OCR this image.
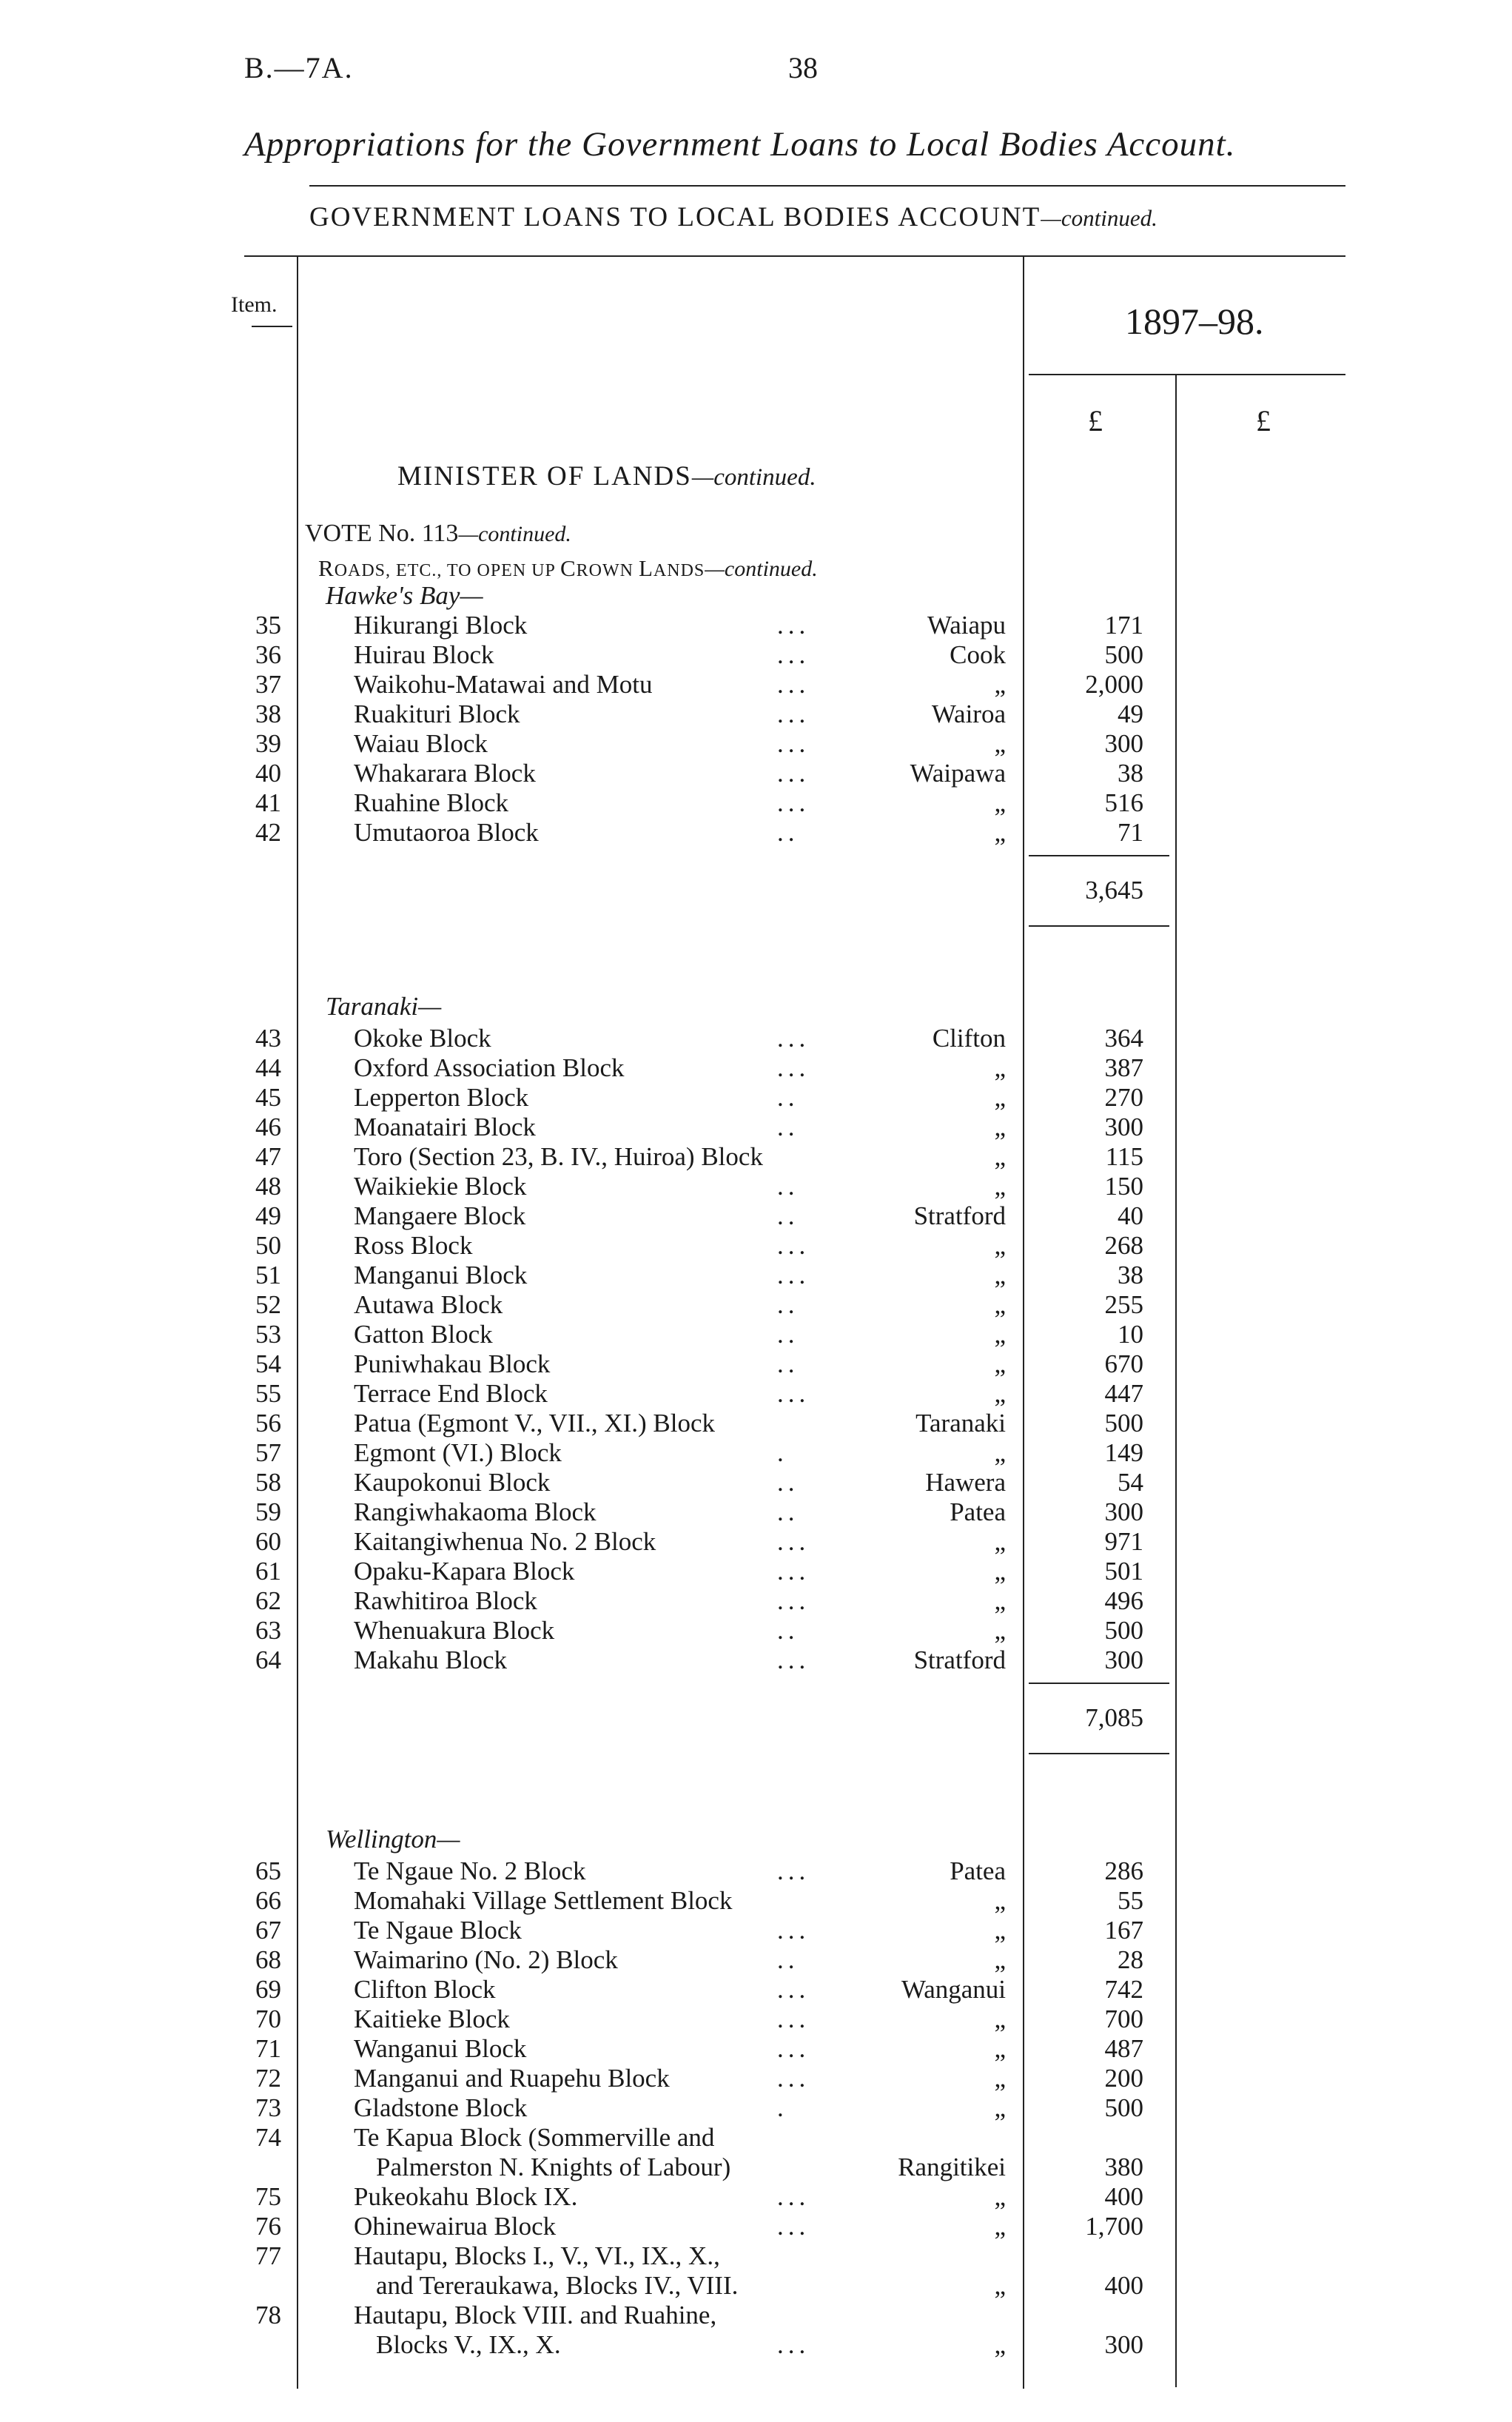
B.—7A.	38
Appropriations for the Government Loans to Local Bodies Account.
GOVERNMENT LOANS TO LOCAL BODIES ACCOUNT—continued.
Item.	1897–98.
£	£
MINISTER OF LANDS—continued.
VOTE No. 113—continued.
ROADS, ETC., TO OPEN UP CROWN LANDS—continued.
Hawke's Bay—
35	Hikurangi Block	...	Waiapu	171
36	Huirau Block	...	Cook	500
37	Waikohu-Matawai and Motu	...	„	2,000
38	Ruakituri Block	...	Wairoa	49
39	Waiau Block	...	„	300
40	Whakarara Block	...	Waipawa	38
41	Ruahine Block	...	„	516
42	Umutaoroa Block	..	„	71
3,645
Taranaki—
43	Okoke Block	...	Clifton	364
44	Oxford Association Block	...	„	387
45	Lepperton Block	..	„	270
46	Moanatairi Block	..	„	300
47	Toro (Section 23, B. IV., Huiroa) Block	„	115
48	Waikiekie Block	..	„	150
49	Mangaere Block	..	Stratford	40
50	Ross Block	...	„	268
51	Manganui Block	...	„	38
52	Autawa Block	..	„	255
53	Gatton Block	..	„	10
54	Puniwhakau Block	..	„	670
55	Terrace End Block	...	„	447
56	Patua (Egmont V., VII., XI.) Block	Taranaki	500
57	Egmont (VI.) Block	.	„	149
58	Kaupokonui Block	..	Hawera	54
59	Rangiwhakaoma Block	..	Patea	300
60	Kaitangiwhenua No. 2 Block	...	„	971
61	Opaku-Kapara Block	...	„	501
62	Rawhitiroa Block	...	„	496
63	Whenuakura Block	..	„	500
64	Makahu Block	...	Stratford	300
7,085
Wellington—
65	Te Ngaue No. 2 Block	...	Patea	286
66	Momahaki Village Settlement Block	„	55
67	Te Ngaue Block	...	„	167
68	Waimarino (No. 2) Block	..	„	28
69	Clifton Block	...	Wanganui	742
70	Kaitieke Block	...	„	700
71	Wanganui Block	...	„	487
72	Manganui and Ruapehu Block	...	„	200
73	Gladstone Block	.	„	500
74	Te Kapua Block (Sommerville and
Palmerston N. Knights of Labour)	Rangitikei	380
75	Pukeokahu Block IX.	...	„	400
76	Ohinewairua Block	...	„	1,700
77	Hautapu, Blocks I., V., VI., IX., X.,
and Tereraukawa, Blocks IV., VIII.	„	400
78	Hautapu, Block VIII. and Ruahine,
Blocks V., IX., X.	...	„	300
